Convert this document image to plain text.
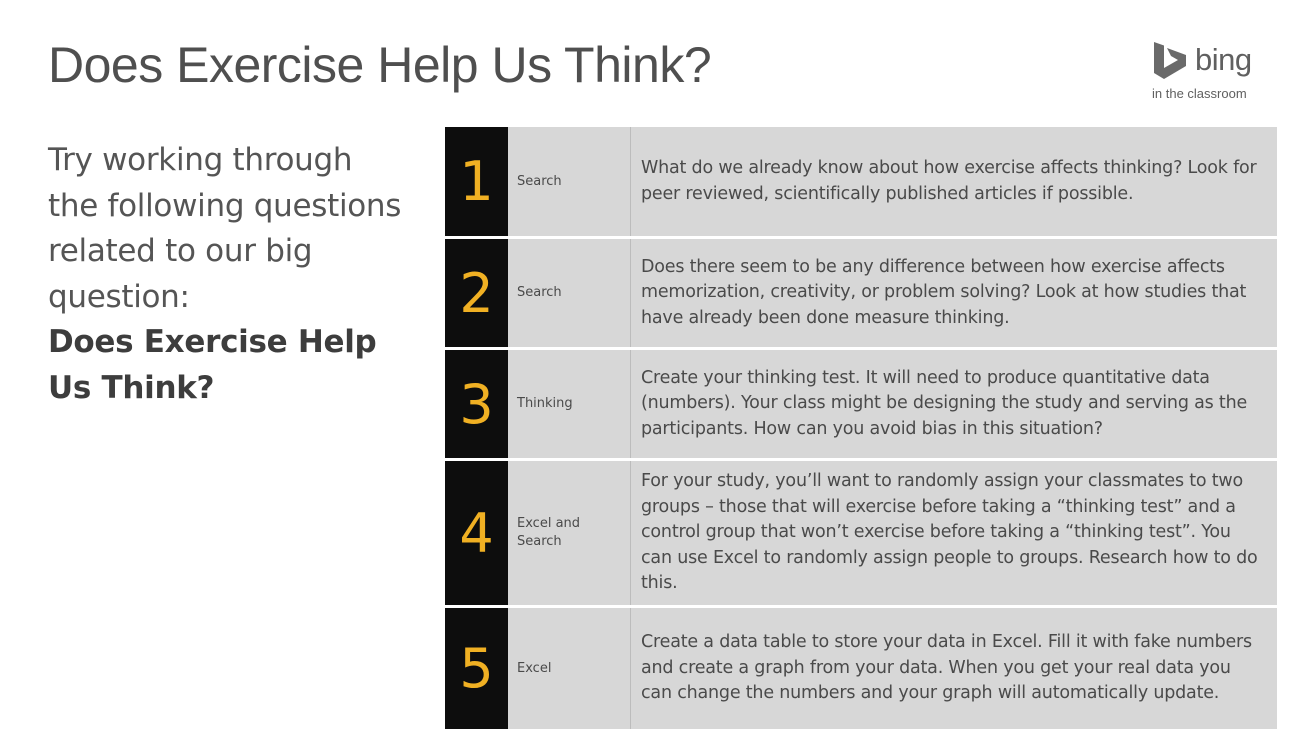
Does Exercise Help Us Think?	bing
in the classroom
Try working through the following questions related to our big question:
Does Exercise Help Us Think?
1	Search
What do we already know about how exercise affects thinking? Look for peer reviewed, scientifically published articles if possible.
2	Search
Does there seem to be any difference between how exercise affects memorization, creativity, or problem solving? Look at how studies that have already been done measure thinking.
3	Thinking
Create your thinking test. It will need to produce quantitative data (numbers). Your class might be designing the study and serving as the participants. How can you avoid bias in this situation?
4	Excel and Search
For your study, you’ll want to randomly assign your classmates to two groups – those that will exercise before taking a “thinking test” and a control group that won’t exercise before taking a “thinking test”. You can use Excel to randomly assign people to groups. Research how to do this.
5	Excel
Create a data table to store your data in Excel. Fill it with fake numbers and create a graph from your data. When you get your real data you can change the numbers and your graph will automatically update.
